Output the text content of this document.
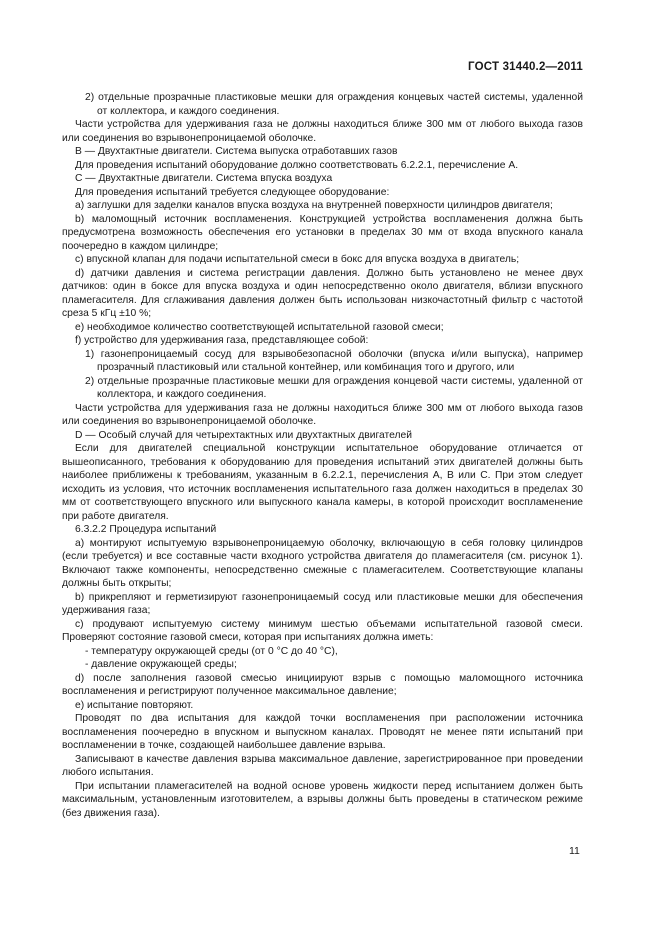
ГОСТ 31440.2—2011

2) отдельные прозрачные пластиковые мешки для ограждения концевых частей системы, удаленной от коллектора, и каждого соединения.

Части устройства для удерживания газа не должны находиться ближе 300 мм от любого выхода газов или соединения во взрывонепроницаемой оболочке.

В — Двухтактные двигатели. Система выпуска отработавших газов

Для проведения испытаний оборудование должно соответствовать 6.2.2.1, перечисление А.

С — Двухтактные двигатели. Система впуска воздуха

Для проведения испытаний требуется следующее оборудование:

a) заглушки для заделки каналов впуска воздуха на внутренней поверхности цилиндров двигателя;

b) маломощный источник воспламенения. Конструкцией устройства воспламенения должна быть предусмотрена возможность обеспечения его установки в пределах 30 мм от входа впускного канала поочередно в каждом цилиндре;

c) впускной клапан для подачи испытательной смеси в бокс для впуска воздуха в двигатель;

d) датчики давления и система регистрации давления. Должно быть установлено не менее двух датчиков: один в боксе для впуска воздуха и один непосредственно около двигателя, вблизи впускного пламегасителя. Для сглаживания давления должен быть использован низкочастотный фильтр с частотой среза 5 кГц ±10 %;

e) необходимое количество соответствующей испытательной газовой смеси;

f) устройство для удерживания газа, представляющее собой:

1) газонепроницаемый сосуд для взрывобезопасной оболочки (впуска и/или выпуска), например прозрачный пластиковый или стальной контейнер, или комбинация того и другого, или

2) отдельные прозрачные пластиковые мешки для ограждения концевой части системы, удаленной от коллектора, и каждого соединения.

Части устройства для удерживания газа не должны находиться ближе 300 мм от любого выхода газов или соединения во взрывонепроницаемой оболочке.

D — Особый случай для четырехтактных или двухтактных двигателей

Если для двигателей специальной конструкции испытательное оборудование отличается от вышеописанного, требования к оборудованию для проведения испытаний этих двигателей должны быть наиболее приближены к требованиям, указанным в 6.2.2.1, перечисления А, В или С. При этом следует исходить из условия, что источник воспламенения испытательного газа должен находиться в пределах 30 мм от соответствующего впускного или выпускного канала камеры, в которой происходит воспламенение при работе двигателя.

6.3.2.2 Процедура испытаний

a) монтируют испытуемую взрывонепроницаемую оболочку, включающую в себя головку цилиндров (если требуется) и все составные части входного устройства двигателя до пламегасителя (см. рисунок 1). Включают также компоненты, непосредственно смежные с пламегасителем. Соответствующие клапаны должны быть открыты;

b) прикрепляют и герметизируют газонепроницаемый сосуд или пластиковые мешки для обеспечения удерживания газа;

c) продувают испытуемую систему минимум шестью объемами испытательной газовой смеси. Проверяют состояние газовой смеси, которая при испытаниях должна иметь:

- температуру окружающей среды (от 0 °С до 40 °С),

- давление окружающей среды;

d) после заполнения газовой смесью инициируют взрыв с помощью маломощного источника воспламенения и регистрируют полученное максимальное давление;

e) испытание повторяют.

Проводят по два испытания для каждой точки воспламенения при расположении источника воспламенения поочередно в впускном и выпускном каналах. Проводят не менее пяти испытаний при воспламенении в точке, создающей наибольшее давление взрыва.

Записывают в качестве давления взрыва максимальное давление, зарегистрированное при проведении любого испытания.

При испытании пламегасителей на водной основе уровень жидкости перед испытанием должен быть максимальным, установленным изготовителем, а взрывы должны быть проведены в статическом режиме (без движения газа).

11
